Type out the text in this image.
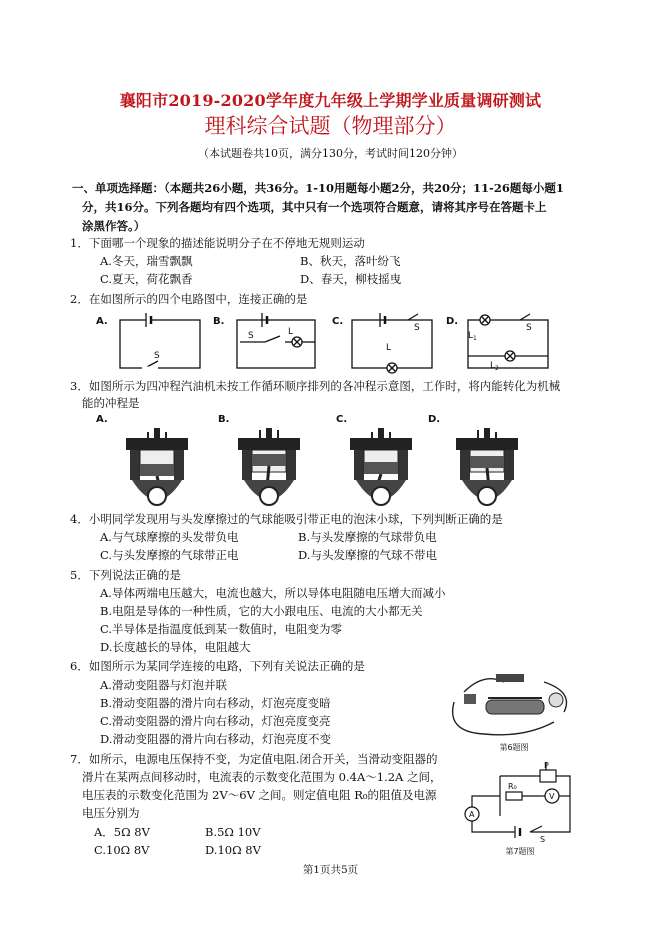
襄阳市2019-2020学年度九年级上学期学业质量调研测试
理科综合试题（物理部分）
（本试题卷共10页，满分130分，考试时间120分钟）
一、单项选择题：（本题共26小题，共36分。1-10用题每小题2分，共20分；11-26题每小题1
分，共16分。下列各题均有四个选项，其中只有一个选项符合题意，请将其序号在答题卡上
涂黑作答。）
1．下面哪一个现象的描述能说明分子在不停地无规则运动
A.冬天，瑞雪飘飘	B、秋天，落叶纷飞
C.夏天，荷花飘香	D、春天，柳枝摇曳
2．在如图所示的四个电路图中，连接正确的是
A.	B.	C.	D.
S
S	L	S
L
$L_1$
$L_2$
S
3．如图所示为四冲程汽油机未按工作循环顺序排列的各冲程示意图，工作时，将内能转化为机械
能的冲程是
A.	B.	C.	D.
4．小明同学发现用与头发摩擦过的气球能吸引带正电的泡沫小球，下列判断正确的是
A.与气球摩擦的头发带负电	B.与头发摩擦的气球带负电
C.与头发摩擦的气球带正电	D.与头发摩擦的气球不带电
5．下列说法正确的是
A.导体两端电压越大，电流也越大，所以导体电阻随电压增大而减小
B.电阻是导体的一种性质，它的大小跟电压、电流的大小都无关
C.半导体是指温度低到某一数值时，电阻变为零
D.长度越长的导体，电阻越大
6．如图所示为某同学连接的电路，下列有关说法正确的是
A.滑动变阻器与灯泡并联
B.滑动变阻器的滑片向右移动，灯泡亮度变暗
C.滑动变阻器的滑片向右移动，灯泡亮度变亮
D.滑动变阻器的滑片向右移动，灯泡亮度不变
第6题图
7．如所示，电源电压保持不变，为定值电阻.闭合开关，当滑动变阻器的
滑片在某两点间移动时，电流表的示数变化范围为 0.4A～1.2A 之间，
电压表的示数变化范围为 2V～6V 之间。则定值电阻 R₀的阻值及电源
电压分别为
A．5Ω 8V	B.5Ω 10V
C.10Ω 8V	D.10Ω 8V
P
V
A
R₀
S
第7题图
第1页共5页
